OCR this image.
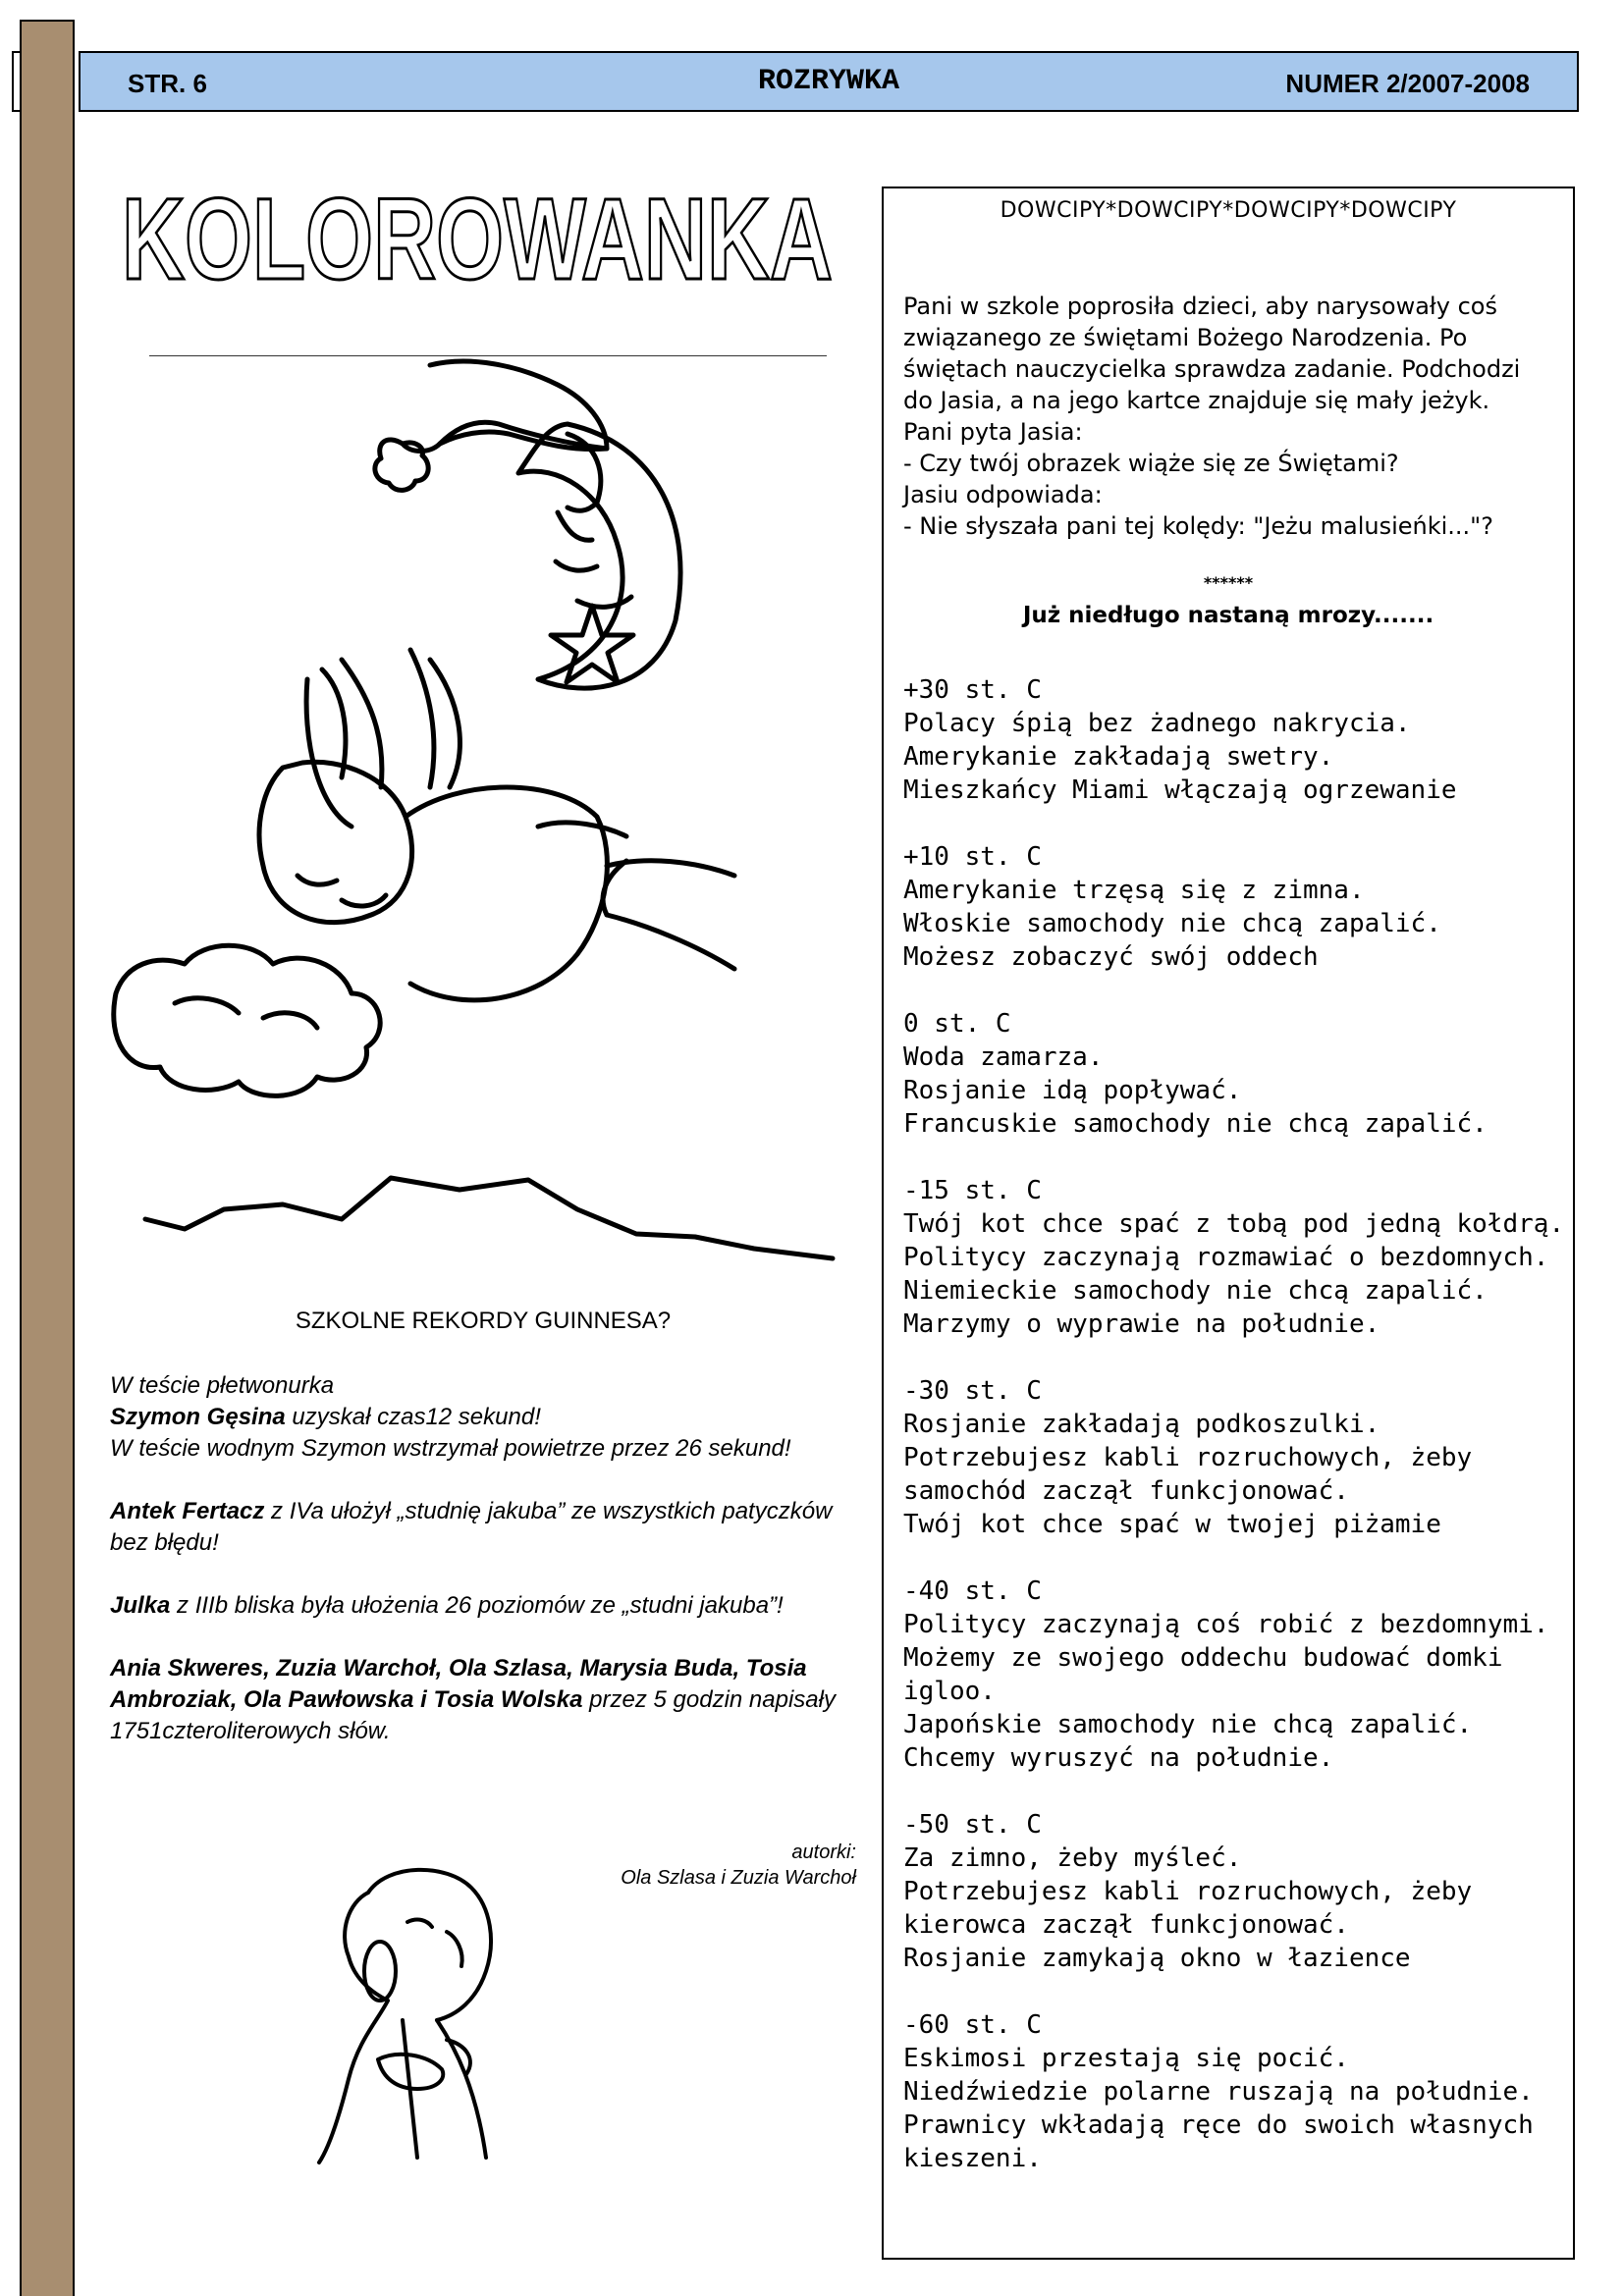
STR. 6	ROZRYWKA	NUMER 2/2007-2008
KOLOROWANKA
SZKOLNE REKORDY GUINNESA?

W teście płetwonurka

Szymon Gęsina uzyskał czas12 sekund!

W teście wodnym Szymon wstrzymał powietrze przez 26 sekund!

Antek Fertacz z IVa ułożył „studnię jakuba” ze wszystkich patyczków bez błędu!

Julka z IIIb bliska była ułożenia 26 poziomów ze „studni jakuba”!

Ania Skweres, Zuzia Warchoł, Ola Szlasa, Marysia Buda, Tosia Ambroziak, Ola Pawłowska i Tosia Wolska przez 5 godzin napisały 1751czteroliterowych słów.

autorki:
Ola Szlasa i Zuzia Warchoł
DOWCIPY*DOWCIPY*DOWCIPY*DOWCIPY
Pani w szkole poprosiła dzieci, aby narysowały coś
związanego ze świętami Bożego Narodzenia. Po
świętach nauczycielka sprawdza zadanie. Podchodzi
do Jasia, a na jego kartce znajduje się mały jeżyk.
Pani pyta Jasia:
- Czy twój obrazek wiąże się ze Świętami?
Jasiu odpowiada:
- Nie słyszała pani tej kolędy: "Jeżu malusieńki..."?
******
Już niedługo nastaną mrozy.......
+30 st. C
Polacy śpią bez żadnego nakrycia.
Amerykanie zakładają swetry.
Mieszkańcy Miami włączają ogrzewanie
+10 st. C
Amerykanie trzęsą się z zimna.
Włoskie samochody nie chcą zapalić.
Możesz zobaczyć swój oddech
0 st. C
Woda zamarza.
Rosjanie idą popływać.
Francuskie samochody nie chcą zapalić.
-15 st. C
Twój kot chce spać z tobą pod jedną kołdrą.
Politycy zaczynają rozmawiać o bezdomnych.
Niemieckie samochody nie chcą zapalić.
Marzymy o wyprawie na południe.
-30 st. C
Rosjanie zakładają podkoszulki.
Potrzebujesz kabli rozruchowych, żeby
samochód zaczął funkcjonować.
Twój kot chce spać w twojej piżamie
-40 st. C
Politycy zaczynają coś robić z bezdomnymi.
Możemy ze swojego oddechu budować domki
igloo.
Japońskie samochody nie chcą zapalić.
Chcemy wyruszyć na południe.
-50 st. C
Za zimno, żeby myśleć.
Potrzebujesz kabli rozruchowych, żeby
kierowca zaczął funkcjonować.
Rosjanie zamykają okno w łazience
-60 st. C
Eskimosi przestają się pocić.
Niedźwiedzie polarne ruszają na południe.
Prawnicy wkładają ręce do swoich własnych
kieszeni.
